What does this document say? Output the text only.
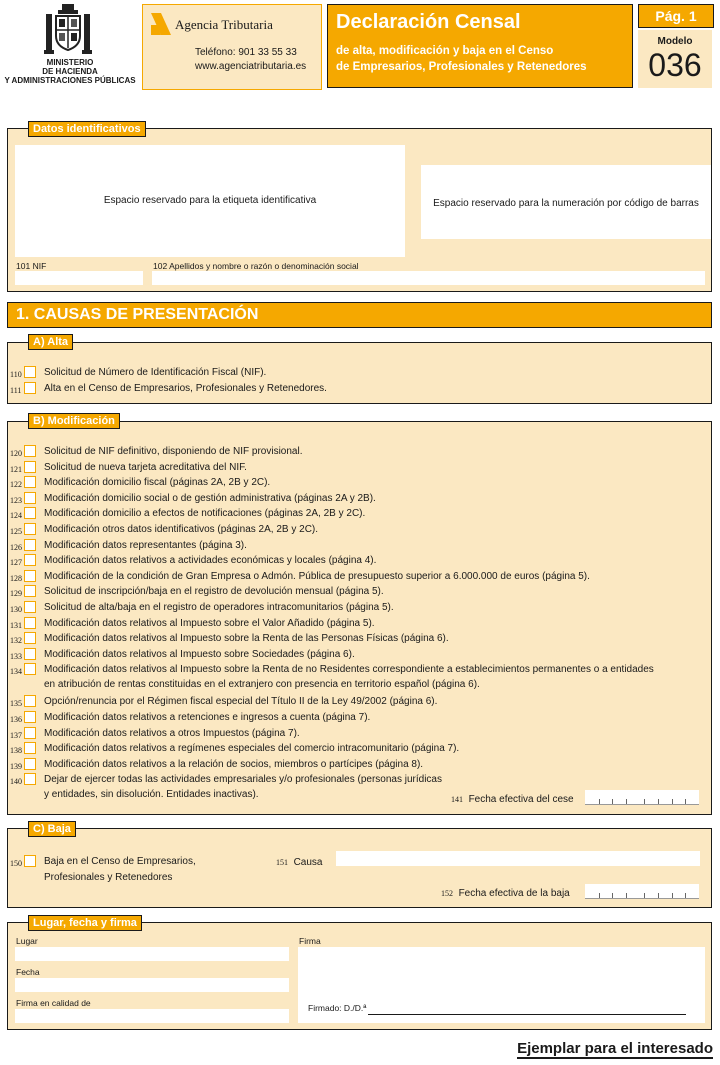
MINISTERIO
DE HACIENDA
Y ADMINISTRACIONES PÚBLICAS
Agencia Tributaria
Teléfono: 901 33 55 33
www.agenciatributaria.es
Declaración Censal
de alta, modificación y baja en el Censo
de Empresarios, Profesionales y Retenedores
Pág. 1
Modelo
036
Espacio reservado para la etiqueta identificativa	Espacio reservado para la numeración por código de barras
101 NIF	102 Apellidos y nombre o razón o denominación social
Datos identificativos
1. CAUSAS DE PRESENTACIÓN
A) Alta
110 Solicitud de Número de Identificación Fiscal (NIF).
111 Alta en el Censo de Empresarios, Profesionales y Retenedores.
B) Modificación
120 Solicitud de NIF definitivo, disponiendo de NIF provisional.
121 Solicitud de nueva tarjeta acreditativa del NIF.
122 Modificación domicilio fiscal (páginas 2A, 2B y 2C).
123 Modificación domicilio social o de gestión administrativa (páginas 2A y 2B).
124 Modificación domicilio a efectos de notificaciones (páginas 2A, 2B y 2C).
125 Modificación otros datos identificativos (páginas 2A, 2B y 2C).
126 Modificación datos representantes (página 3).
127 Modificación datos relativos a actividades económicas y locales (página 4).
128 Modificación de la condición de Gran Empresa o Admón. Pública de presupuesto superior a 6.000.000 de euros (página 5).
129 Solicitud de inscripción/baja en el registro de devolución mensual (página 5).
130 Solicitud de alta/baja en el registro de operadores intracomunitarios (página 5).
131 Modificación datos relativos al Impuesto sobre el Valor Añadido (página 5).
132 Modificación datos relativos al Impuesto sobre la Renta de las Personas Físicas (página 6).
133 Modificación datos relativos al Impuesto sobre Sociedades (página 6).
134 Modificación datos relativos al Impuesto sobre la Renta de no Residentes correspondiente a establecimientos permanentes o a entidades
en atribución de rentas constituidas en el extranjero con presencia en territorio español (página 6).
135 Opción/renuncia por el Régimen fiscal especial del Título II de la Ley 49/2002 (página 6).
136 Modificación datos relativos a retenciones e ingresos a cuenta (página 7).
137 Modificación datos relativos a otros Impuestos (página 7).
138 Modificación datos relativos a regímenes especiales del comercio intracomunitario (página 7).
139 Modificación datos relativos a la relación de socios, miembros o partícipes (página 8).
140 Dejar de ejercer todas las actividades empresariales y/o profesionales (personas jurídicas
y entidades, sin disolución. Entidades inactivas).	141 Fecha efectiva del cese
C) Baja
150 Baja en el Censo de Empresarios,
Profesionales y Retenedores
151 Causa
152 Fecha efectiva de la baja
Lugar
Fecha
Firma en calidad de
Firma
Firmado: D./D.ª
Lugar, fecha y firma
Ejemplar para el interesado
